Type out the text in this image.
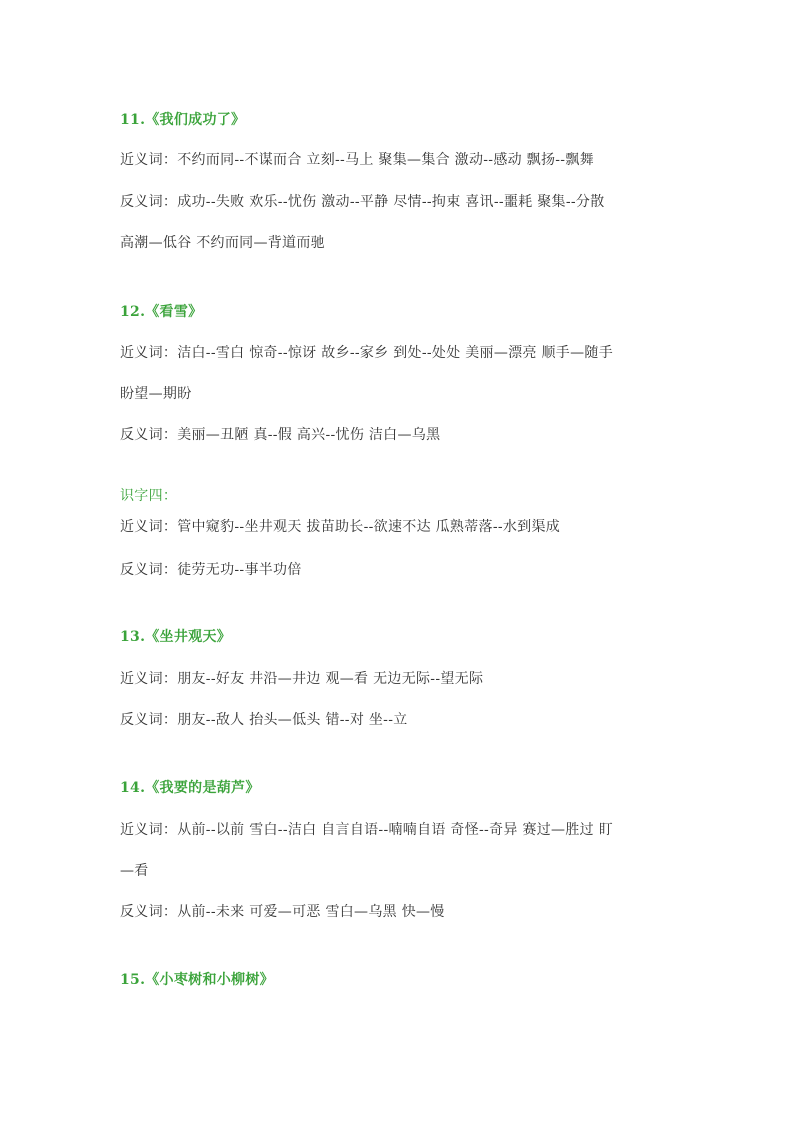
11.《我们成功了》
近义词：不约而同--不谋而合 立刻--马上 聚集—集合 激动--感动 飘扬--飘舞
反义词：成功--失败 欢乐--忧伤 激动--平静 尽情--拘束 喜讯--噩耗 聚集--分散
高潮—低谷 不约而同—背道而驰
12.《看雪》
近义词：洁白--雪白 惊奇--惊讶 故乡--家乡 到处--处处 美丽—漂亮 顺手—随手
盼望—期盼
反义词：美丽—丑陋 真--假 高兴--忧伤 洁白—乌黑
识字四：
近义词：管中窥豹--坐井观天 拔苗助长--欲速不达 瓜熟蒂落--水到渠成
反义词：徒劳无功--事半功倍
13.《坐井观天》
近义词：朋友--好友 井沿—井边 观—看 无边无际--望无际
反义词：朋友--敌人 抬头—低头 错--对 坐--立
14.《我要的是葫芦》
近义词：从前--以前 雪白--洁白 自言自语--喃喃自语 奇怪--奇异 赛过—胜过 盯
—看
反义词：从前--未来 可爱—可恶 雪白—乌黑 快—慢
15.《小枣树和小柳树》
